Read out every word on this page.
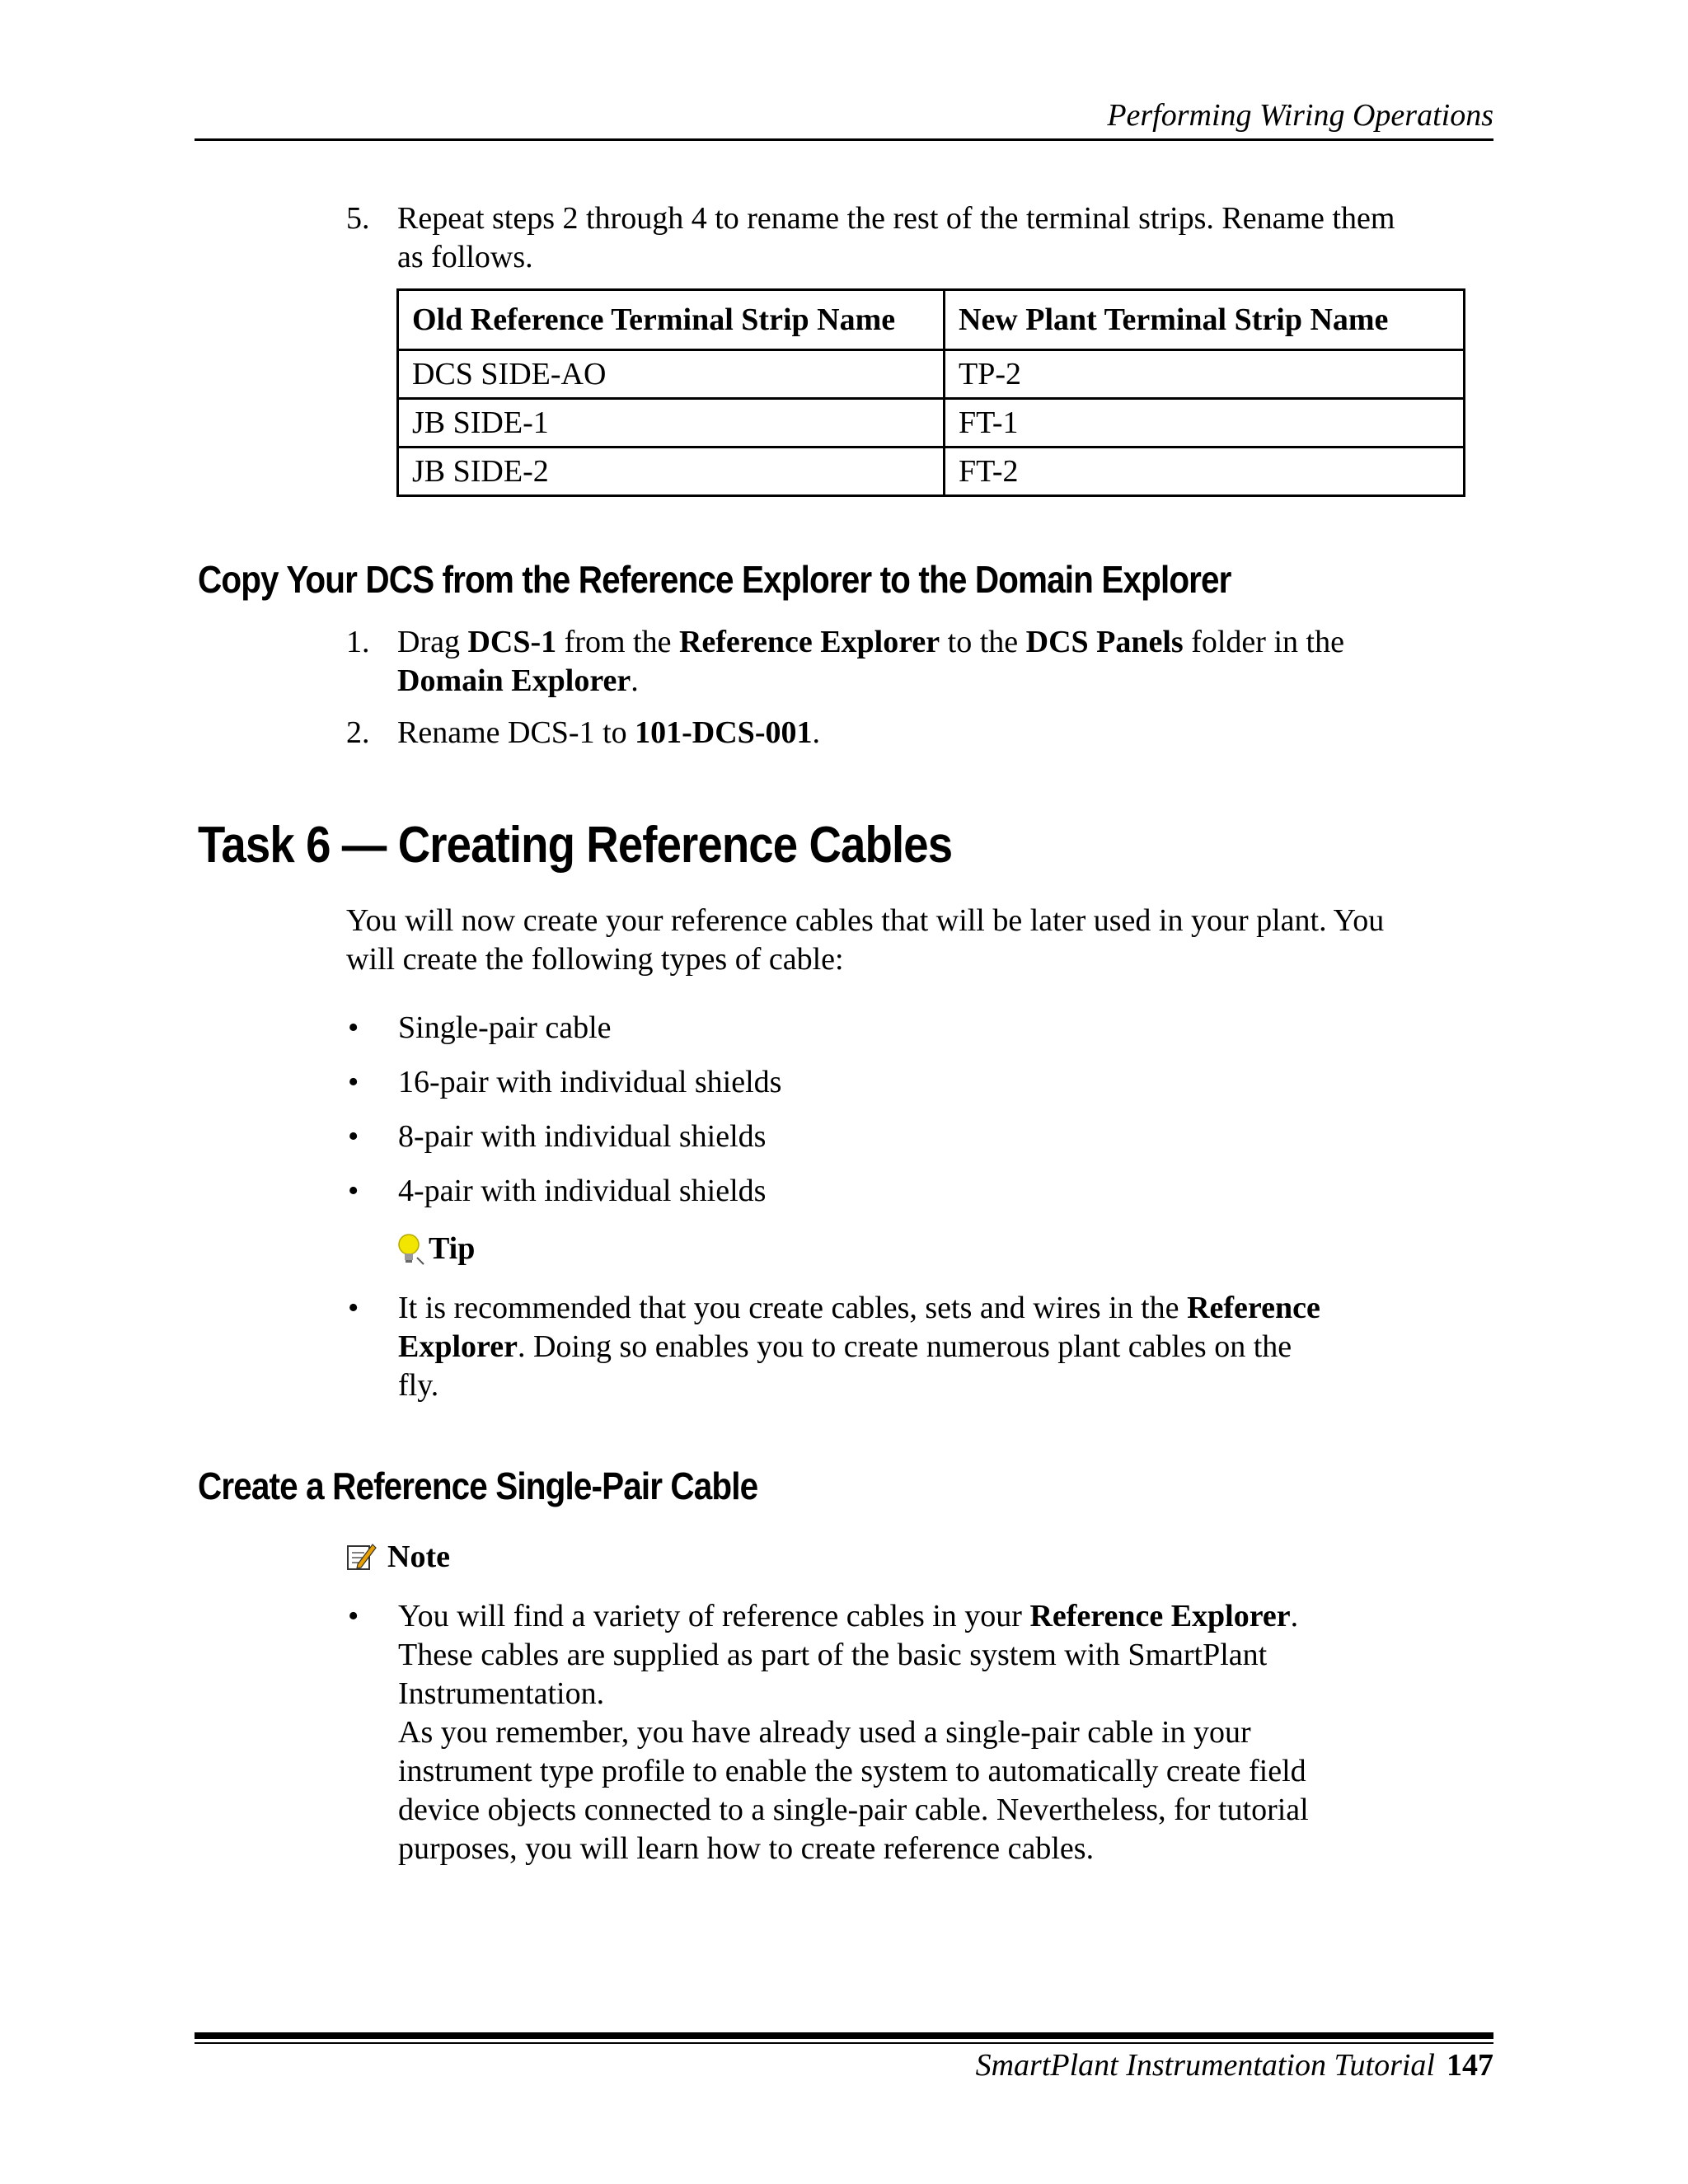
Performing Wiring Operations
5. Repeat steps 2 through 4 to rename the rest of the terminal strips. Rename them
as follows.
Old Reference Terminal Strip Name	New Plant Terminal Strip Name
DCS SIDE-AO	TP-2
JB SIDE-1	FT-1
JB SIDE-2	FT-2
Copy Your DCS from the Reference Explorer to the Domain Explorer
1. Drag DCS-1 from the Reference Explorer to the DCS Panels folder in the
Domain Explorer.
2. Rename DCS-1 to 101-DCS-001.
Task 6 — Creating Reference Cables
You will now create your reference cables that will be later used in your plant. You
will create the following types of cable:
• Single-pair cable
• 16-pair with individual shields
• 8-pair with individual shields
• 4-pair with individual shields
Tip
• It is recommended that you create cables, sets and wires in the Reference
Explorer. Doing so enables you to create numerous plant cables on the
fly.
Create a Reference Single-Pair Cable
Note
• You will find a variety of reference cables in your Reference Explorer.
These cables are supplied as part of the basic system with SmartPlant
Instrumentation.
As you remember, you have already used a single-pair cable in your
instrument type profile to enable the system to automatically create field
device objects connected to a single-pair cable. Nevertheless, for tutorial
purposes, you will learn how to create reference cables.
SmartPlant Instrumentation Tutorial 147
